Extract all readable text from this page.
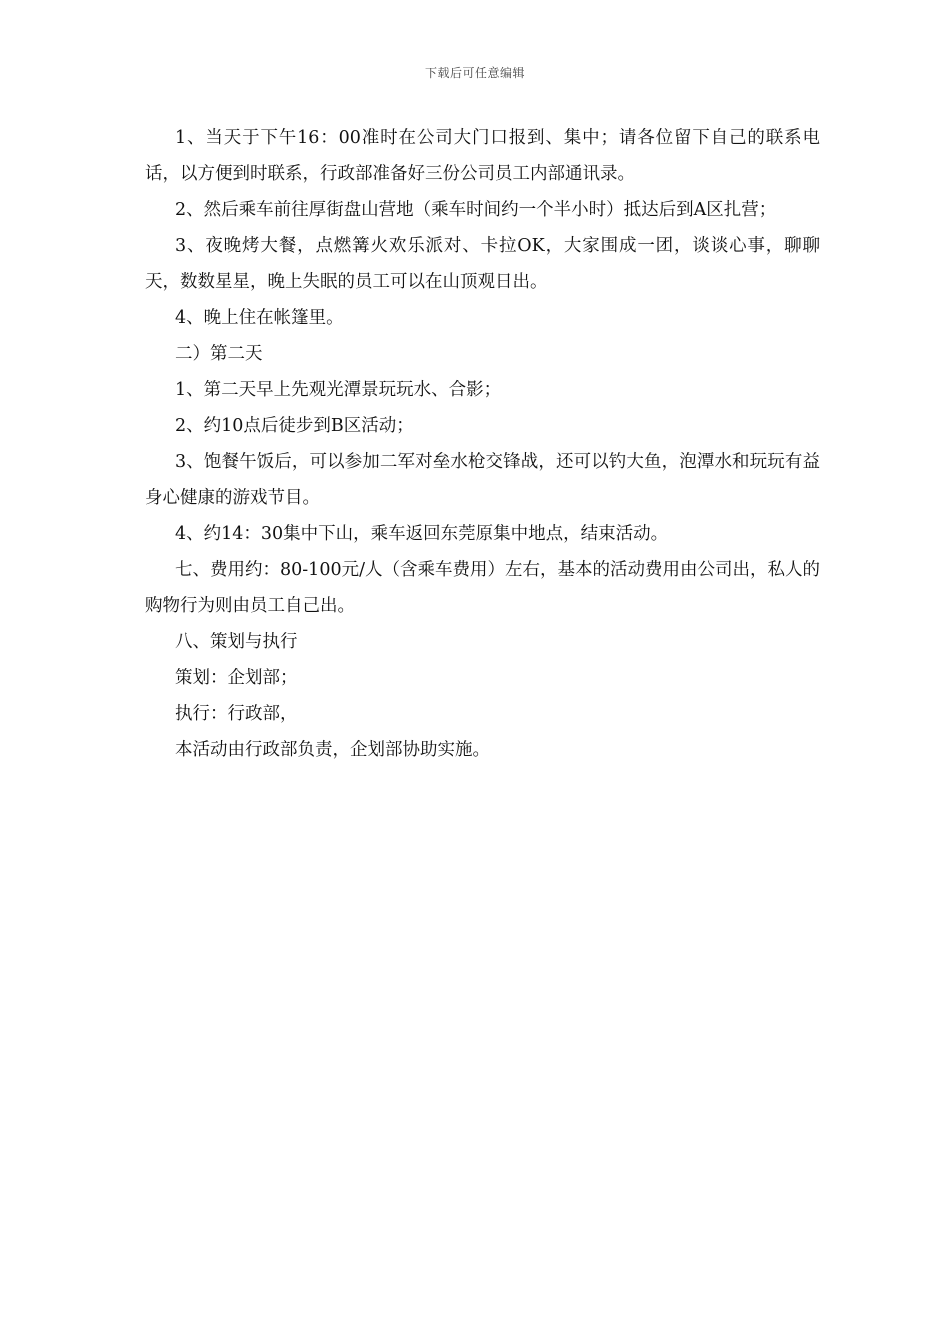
下载后可任意编辑

1、当天于下午16：00准时在公司大门口报到、集中；请各位留下自己的联系电话，以方便到时联系，行政部准备好三份公司员工内部通讯录。

2、然后乘车前往厚街盘山营地（乘车时间约一个半小时）抵达后到A区扎营；

3、夜晚烤大餐，点燃篝火欢乐派对、卡拉OK，大家围成一团，谈谈心事，聊聊天，数数星星，晚上失眠的员工可以在山顶观日出。

4、晚上住在帐篷里。

二）第二天

1、第二天早上先观光潭景玩玩水、合影；

2、约10点后徒步到B区活动；

3、饱餐午饭后，可以参加二军对垒水枪交锋战，还可以钓大鱼，泡潭水和玩玩有益身心健康的游戏节目。

4、约14：30集中下山，乘车返回东莞原集中地点，结束活动。

七、费用约：80-100元/人（含乘车费用）左右，基本的活动费用由公司出，私人的购物行为则由员工自己出。

八、策划与执行

策划：企划部；

执行：行政部，

本活动由行政部负责，企划部协助实施。
